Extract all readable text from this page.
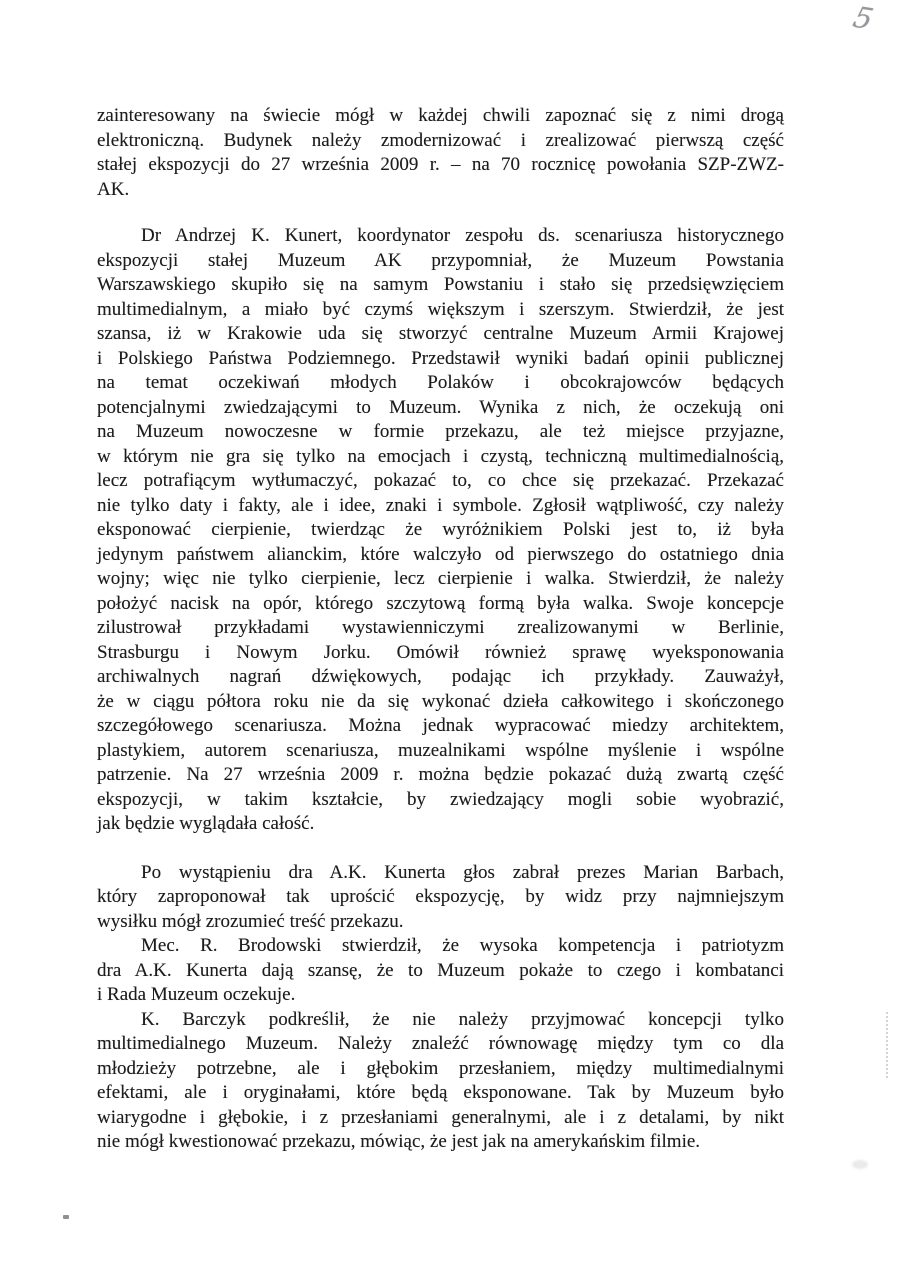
5
zainteresowany na świecie mógł w każdej chwili zapoznać się z nimi drogą
elektroniczną. Budynek należy zmodernizować i zrealizować pierwszą część
stałej ekspozycji do 27 września 2009 r. – na 70 rocznicę powołania SZP-ZWZ-
AK.
Dr Andrzej K. Kunert, koordynator zespołu ds. scenariusza historycznego
ekspozycji stałej Muzeum AK przypomniał, że Muzeum Powstania
Warszawskiego skupiło się na samym Powstaniu i stało się przedsięwzięciem
multimedialnym, a miało być czymś większym i szerszym. Stwierdził, że jest
szansa, iż w Krakowie uda się stworzyć centralne Muzeum Armii Krajowej
i Polskiego Państwa Podziemnego. Przedstawił wyniki badań opinii publicznej
na temat oczekiwań młodych Polaków i obcokrajowców będących
potencjalnymi zwiedzającymi to Muzeum. Wynika z nich, że oczekują oni
na Muzeum nowoczesne w formie przekazu, ale też miejsce przyjazne,
w którym nie gra się tylko na emocjach i czystą, techniczną multimedialnością,
lecz potrafiącym wytłumaczyć, pokazać to, co chce się przekazać. Przekazać
nie tylko daty i fakty, ale i idee, znaki i symbole. Zgłosił wątpliwość, czy należy
eksponować cierpienie, twierdząc że wyróżnikiem Polski jest to, iż była
jedynym państwem alianckim, które walczyło od pierwszego do ostatniego dnia
wojny; więc nie tylko cierpienie, lecz cierpienie i walka. Stwierdził, że należy
położyć nacisk na opór, którego szczytową formą była walka. Swoje koncepcje
zilustrował przykładami wystawienniczymi zrealizowanymi w Berlinie,
Strasburgu i Nowym Jorku. Omówił również sprawę wyeksponowania
archiwalnych nagrań dźwiękowych, podając ich przykłady. Zauważył,
że w ciągu półtora roku nie da się wykonać dzieła całkowitego i skończonego
szczegółowego scenariusza. Można jednak wypracować miedzy architektem,
plastykiem, autorem scenariusza, muzealnikami wspólne myślenie i wspólne
patrzenie. Na 27 września 2009 r. można będzie pokazać dużą zwartą część
ekspozycji, w takim kształcie, by zwiedzający mogli sobie wyobrazić,
jak będzie wyglądała całość.
Po wystąpieniu dra A.K. Kunerta głos zabrał prezes Marian Barbach,
który zaproponował tak uprościć ekspozycję, by widz przy najmniejszym
wysiłku mógł zrozumieć treść przekazu.
Mec. R. Brodowski stwierdził, że wysoka kompetencja i patriotyzm
dra A.K. Kunerta dają szansę, że to Muzeum pokaże to czego i kombatanci
i Rada Muzeum oczekuje.
K. Barczyk podkreślił, że nie należy przyjmować koncepcji tylko
multimedialnego Muzeum. Należy znaleźć równowagę między tym co dla
młodzieży potrzebne, ale i głębokim przesłaniem, między multimedialnymi
efektami, ale i oryginałami, które będą eksponowane. Tak by Muzeum było
wiarygodne i głębokie, i z przesłaniami generalnymi, ale i z detalami, by nikt
nie mógł kwestionować przekazu, mówiąc, że jest jak na amerykańskim filmie.
